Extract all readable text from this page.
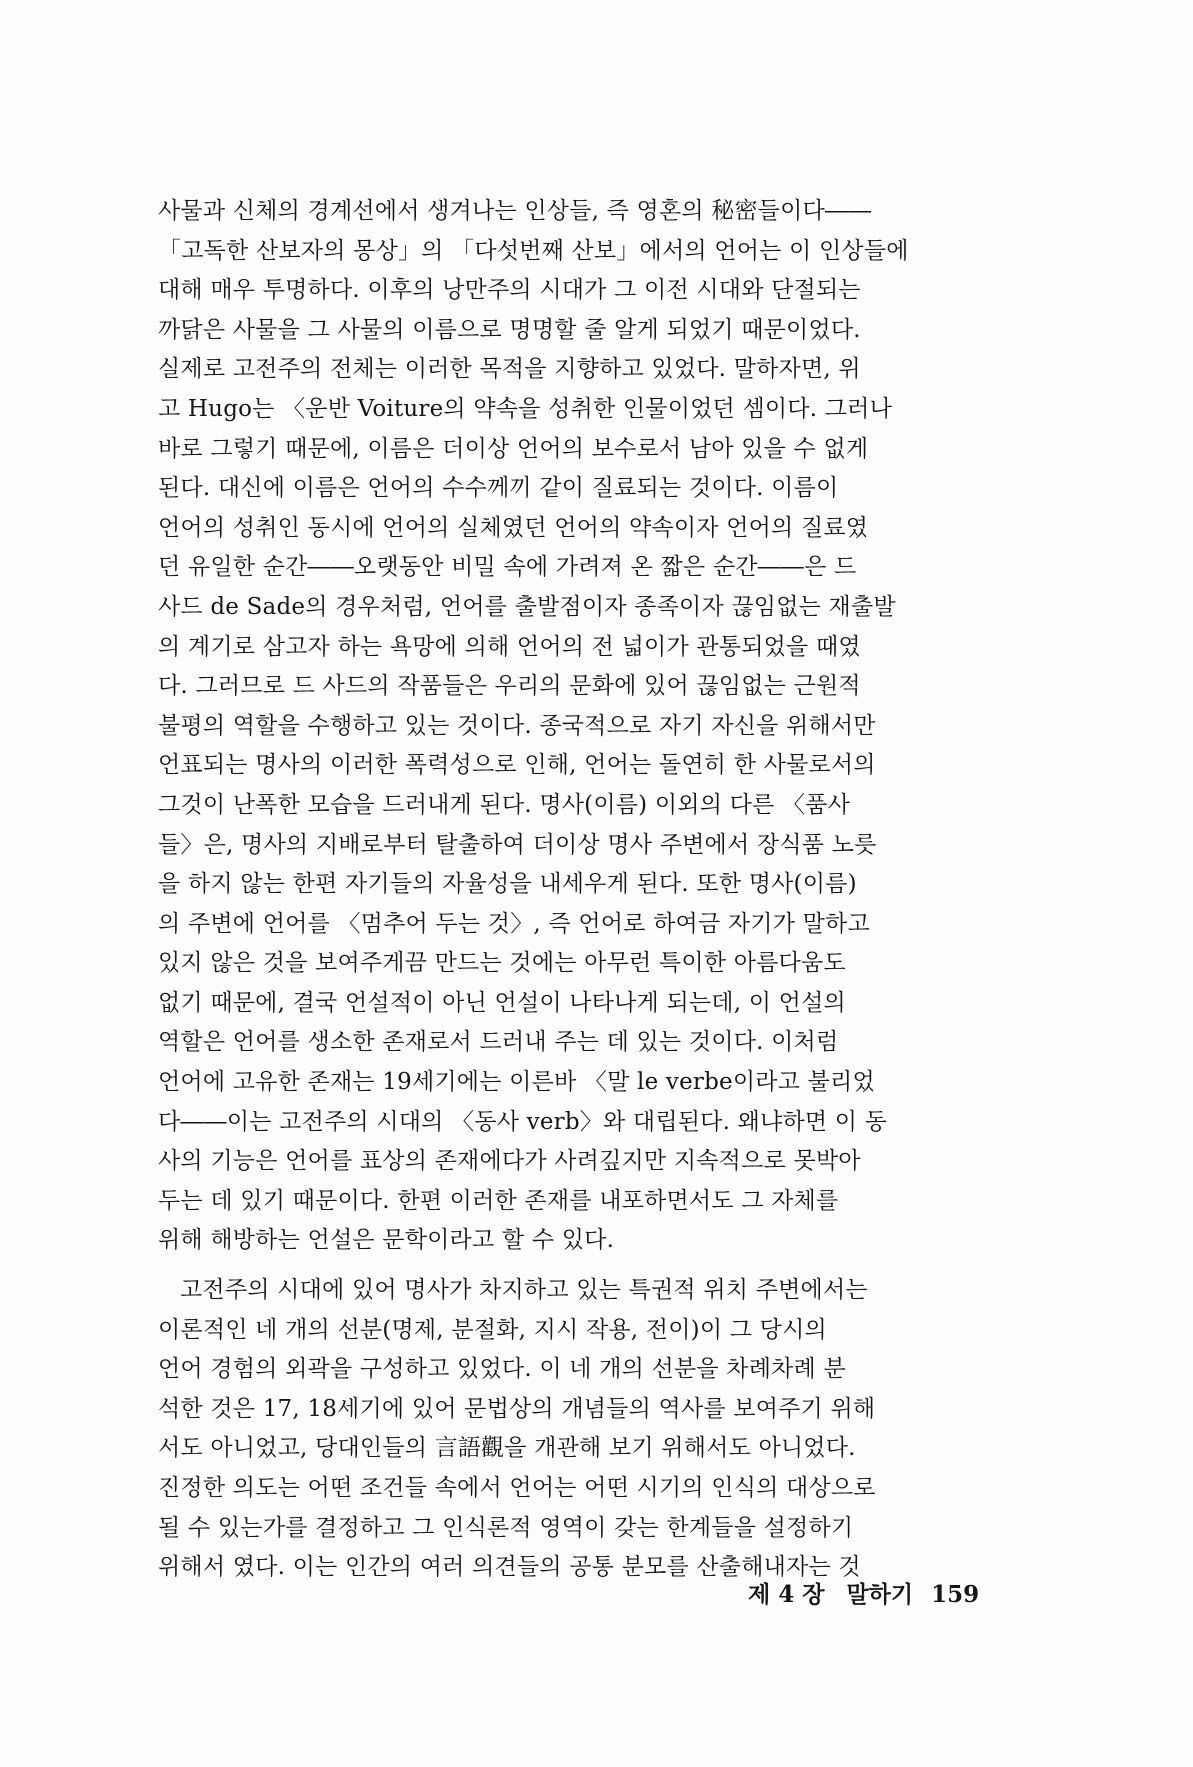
사물과 신체의 경계선에서 생겨나는 인상들, 즉 영혼의 秘密들이다――
「고독한 산보자의 몽상」의 「다섯번째 산보」에서의 언어는 이 인상들에
대해 매우 투명하다. 이후의 낭만주의 시대가 그 이전 시대와 단절되는
까닭은 사물을 그 사물의 이름으로 명명할 줄 알게 되었기 때문이었다.
실제로 고전주의 전체는 이러한 목적을 지향하고 있었다. 말하자면, 위
고 Hugo는 〈운반 Voiture의 약속을 성취한 인물이었던 셈이다. 그러나
바로 그렇기 때문에, 이름은 더이상 언어의 보수로서 남아 있을 수 없게
된다. 대신에 이름은 언어의 수수께끼 같이 질료되는 것이다. 이름이
언어의 성취인 동시에 언어의 실체였던 언어의 약속이자 언어의 질료였
던 유일한 순간――오랫동안 비밀 속에 가려져 온 짧은 순간――은 드
사드 de Sade의 경우처럼, 언어를 출발점이자 종족이자 끊임없는 재출발
의 계기로 삼고자 하는 욕망에 의해 언어의 전 넓이가 관통되었을 때였
다. 그러므로 드 사드의 작품들은 우리의 문화에 있어 끊임없는 근원적
불평의 역할을 수행하고 있는 것이다. 종국적으로 자기 자신을 위해서만
언표되는 명사의 이러한 폭력성으로 인해, 언어는 돌연히 한 사물로서의
그것이 난폭한 모습을 드러내게 된다. 명사(이름) 이외의 다른 〈품사
들〉은, 명사의 지배로부터 탈출하여 더이상 명사 주변에서 장식품 노릇
을 하지 않는 한편 자기들의 자율성을 내세우게 된다. 또한 명사(이름)
의 주변에 언어를 〈멈추어 두는 것〉, 즉 언어로 하여금 자기가 말하고
있지 않은 것을 보여주게끔 만드는 것에는 아무런 특이한 아름다움도
없기 때문에, 결국 언설적이 아닌 언설이 나타나게 되는데, 이 언설의
역할은 언어를 생소한 존재로서 드러내 주는 데 있는 것이다. 이처럼
언어에 고유한 존재는 19세기에는 이른바 〈말 le verbe이라고 불리었
다――이는 고전주의 시대의 〈동사 verb〉와 대립된다. 왜냐하면 이 동
사의 기능은 언어를 표상의 존재에다가 사려깊지만 지속적으로 못박아
두는 데 있기 때문이다. 한편 이러한 존재를 내포하면서도 그 자체를
위해 해방하는 언설은 문학이라고 할 수 있다.
고전주의 시대에 있어 명사가 차지하고 있는 특권적 위치 주변에서는
이론적인 네 개의 선분(명제, 분절화, 지시 작용, 전이)이 그 당시의
언어 경험의 외곽을 구성하고 있었다. 이 네 개의 선분을 차례차례 분
석한 것은 17, 18세기에 있어 문법상의 개념들의 역사를 보여주기 위해
서도 아니었고, 당대인들의 言語觀을 개관해 보기 위해서도 아니었다.
진정한 의도는 어떤 조건들 속에서 언어는 어떤 시기의 인식의 대상으로
될 수 있는가를 결정하고 그 인식론적 영역이 갖는 한계들을 설정하기
위해서 였다. 이는 인간의 여러 의견들의 공통 분모를 산출해내자는 것
제 4 장 말하기 159
